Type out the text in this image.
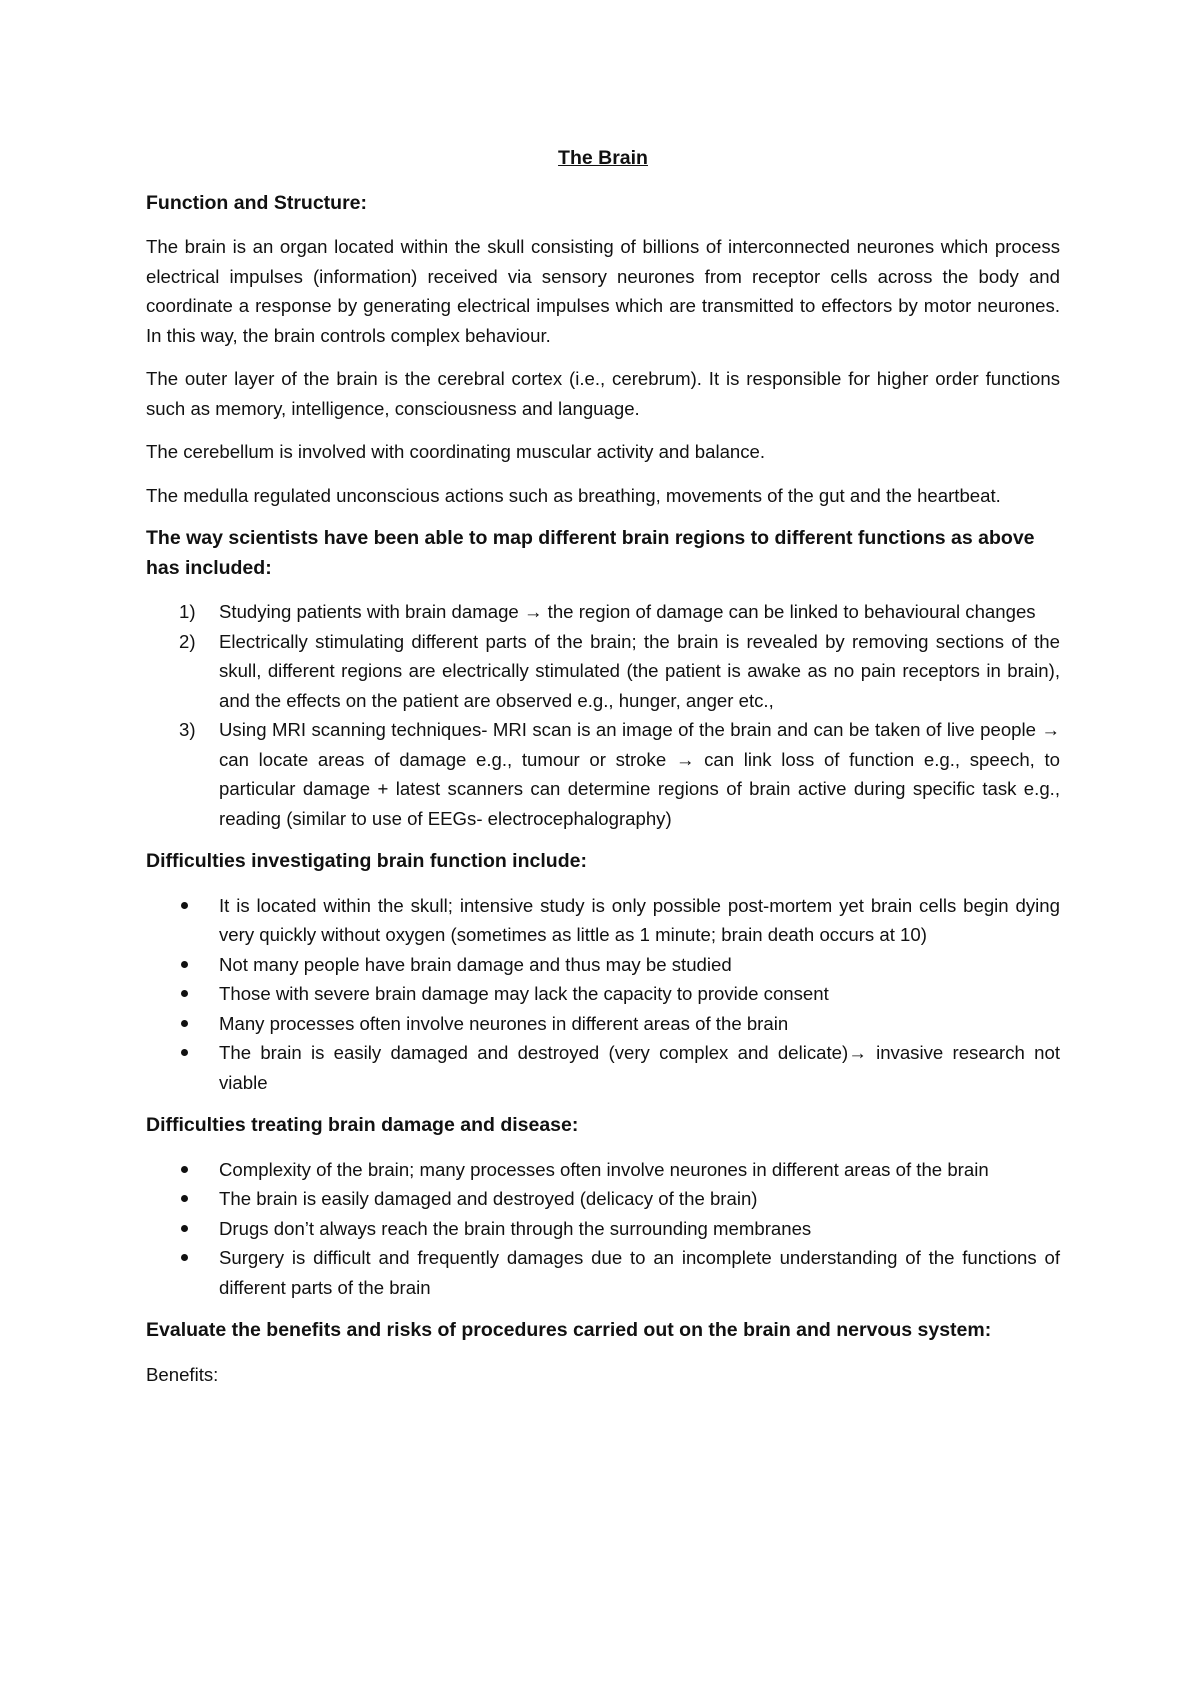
The Brain
Function and Structure:

The brain is an organ located within the skull consisting of billions of interconnected neurones which process electrical impulses (information) received via sensory neurones from receptor cells across the body and coordinate a response by generating electrical impulses which are transmitted to effectors by motor neurones. In this way, the brain controls complex behaviour.

The outer layer of the brain is the cerebral cortex (i.e., cerebrum). It is responsible for higher order functions such as memory, intelligence, consciousness and language.

The cerebellum is involved with coordinating muscular activity and balance.

The medulla regulated unconscious actions such as breathing, movements of the gut and the heartbeat.

The way scientists have been able to map different brain regions to different functions as above has included:
1) Studying patients with brain damage → the region of damage can be linked to behavioural changes
2) Electrically stimulating different parts of the brain; the brain is revealed by removing sections of the skull, different regions are electrically stimulated (the patient is awake as no pain receptors in brain), and the effects on the patient are observed e.g., hunger, anger etc.,
3) Using MRI scanning techniques- MRI scan is an image of the brain and can be taken of live people → can locate areas of damage e.g., tumour or stroke → can link loss of function e.g., speech, to particular damage + latest scanners can determine regions of brain active during specific task e.g., reading (similar to use of EEGs- electrocephalography)
Difficulties investigating brain function include:
It is located within the skull; intensive study is only possible post-mortem yet brain cells begin dying very quickly without oxygen (sometimes as little as 1 minute; brain death occurs at 10)
Not many people have brain damage and thus may be studied
Those with severe brain damage may lack the capacity to provide consent
Many processes often involve neurones in different areas of the brain
The brain is easily damaged and destroyed (very complex and delicate)→ invasive research not viable
Difficulties treating brain damage and disease:
Complexity of the brain; many processes often involve neurones in different areas of the brain
The brain is easily damaged and destroyed (delicacy of the brain)
Drugs don’t always reach the brain through the surrounding membranes
Surgery is difficult and frequently damages due to an incomplete understanding of the functions of different parts of the brain
Evaluate the benefits and risks of procedures carried out on the brain and nervous system:

Benefits:
